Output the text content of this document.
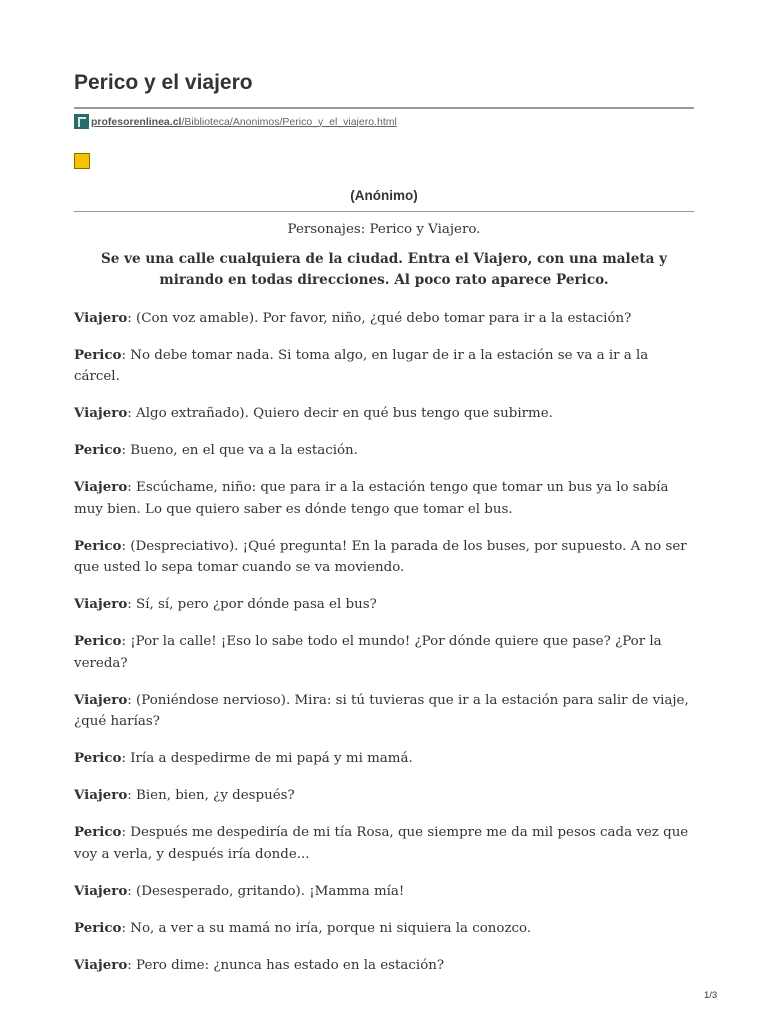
Perico y el viajero
profesorenlinea.cl /Biblioteca/Anonimos/Perico_y_el_viajero.html
(Anónimo)

Personajes: Perico y Viajero.

Se ve una calle cualquiera de la ciudad. Entra el Viajero, con una maleta y mirando en todas direcciones. Al poco rato aparece Perico.

Viajero: (Con voz amable). Por favor, niño, ¿qué debo tomar para ir a la estación?

Perico: No debe tomar nada. Si toma algo, en lugar de ir a la estación se va a ir a la cárcel.

Viajero: Algo extrañado). Quiero decir en qué bus tengo que subirme.

Perico: Bueno, en el que va a la estación.

Viajero: Escúchame, niño: que para ir a la estación tengo que tomar un bus ya lo sabía muy bien. Lo que quiero saber es dónde tengo que tomar el bus.

Perico: (Despreciativo). ¡Qué pregunta! En la parada de los buses, por supuesto. A no ser que usted lo sepa tomar cuando se va moviendo.

Viajero: Sí, sí, pero ¿por dónde pasa el bus?

Perico: ¡Por la calle! ¡Eso lo sabe todo el mundo! ¿Por dónde quiere que pase? ¿Por la vereda?

Viajero: (Poniéndose nervioso). Mira: si tú tuvieras que ir a la estación para salir de viaje, ¿qué harías?

Perico: Iría a despedirme de mi papá y mi mamá.

Viajero: Bien, bien, ¿y después?

Perico: Después me despediría de mi tía Rosa, que siempre me da mil pesos cada vez que voy a verla, y después iría donde...

Viajero: (Desesperado, gritando). ¡Mamma mía!

Perico: No, a ver a su mamá no iría, porque ni siquiera la conozco.

Viajero: Pero dime: ¿nunca has estado en la estación?

1/3
